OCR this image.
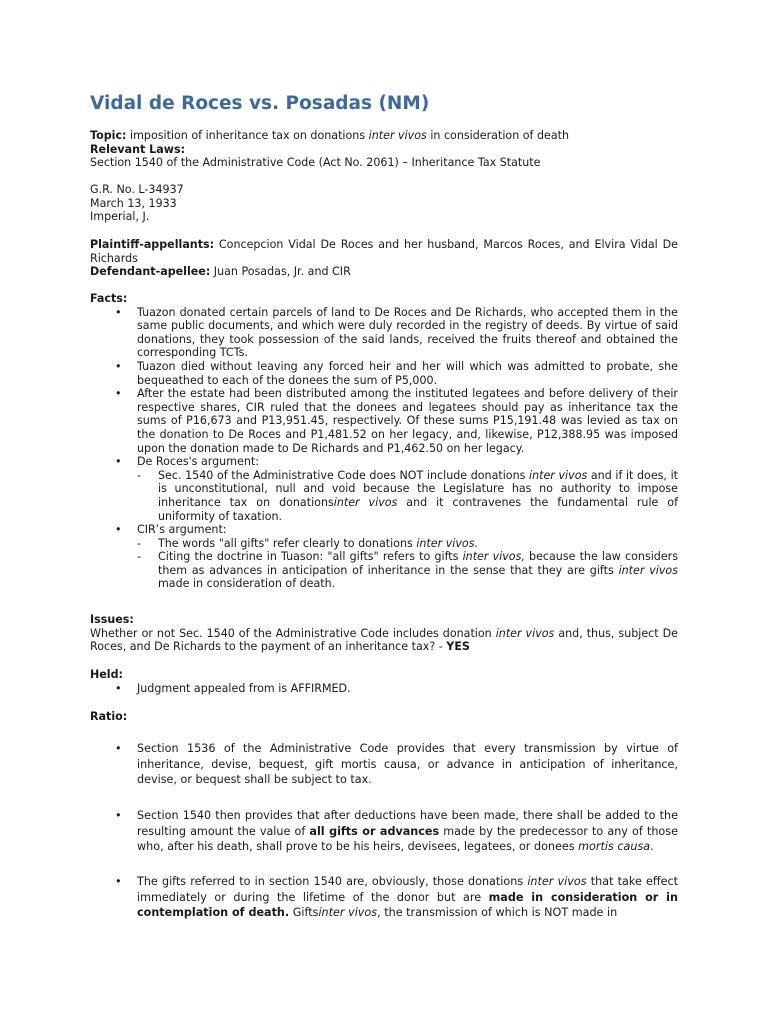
Vidal de Roces vs. Posadas (NM)
Topic: imposition of inheritance tax on donations inter vivos in consideration of death
Relevant Laws:
Section 1540 of the Administrative Code (Act No. 2061) – Inheritance Tax Statute
G.R. No. L-34937
March 13, 1933
Imperial, J.
Plaintiff-appellants: Concepcion Vidal De Roces and her husband, Marcos Roces, and Elvira Vidal De Richards
Defendant-apellee: Juan Posadas, Jr. and CIR
Facts:
• Tuazon donated certain parcels of land to De Roces and De Richards, who accepted them in the same public documents, and which were duly recorded in the registry of deeds. By virtue of said donations, they took possession of the said lands, received the fruits thereof and obtained the corresponding TCTs.
• Tuazon died without leaving any forced heir and her will which was admitted to probate, she bequeathed to each of the donees the sum of P5,000.
• After the estate had been distributed among the instituted legatees and before delivery of their respective shares, CIR ruled that the donees and legatees should pay as inheritance tax the sums of P16,673 and P13,951.45, respectively. Of these sums P15,191.48 was levied as tax on the donation to De Roces and P1,481.52 on her legacy, and, likewise, P12,388.95 was imposed upon the donation made to De Richards and P1,462.50 on her legacy.
• De Roces's argument:
- Sec. 1540 of the Administrative Code does NOT include donations inter vivos and if it does, it is unconstitutional, null and void because the Legislature has no authority to impose inheritance tax on donationsinter vivos and it contravenes the fundamental rule of uniformity of taxation.
• CIR’s argument:
- The words "all gifts" refer clearly to donations inter vivos.
- Citing the doctrine in Tuason: "all gifts" refers to gifts inter vivos, because the law considers them as advances in anticipation of inheritance in the sense that they are gifts inter vivos made in consideration of death.
Issues:
Whether or not Sec. 1540 of the Administrative Code includes donation inter vivos and, thus, subject De Roces, and De Richards to the payment of an inheritance tax? - YES
Held:
• Judgment appealed from is AFFIRMED.
Ratio:
• Section 1536 of the Administrative Code provides that every transmission by virtue of inheritance, devise, bequest, gift mortis causa, or advance in anticipation of inheritance, devise, or bequest shall be subject to tax.
• Section 1540 then provides that after deductions have been made, there shall be added to the resulting amount the value of all gifts or advances made by the predecessor to any of those who, after his death, shall prove to be his heirs, devisees, legatees, or donees mortis causa.
• The gifts referred to in section 1540 are, obviously, those donations inter vivos that take effect immediately or during the lifetime of the donor but are made in consideration or in contemplation of death. Giftsinter vivos, the transmission of which is NOT made in
